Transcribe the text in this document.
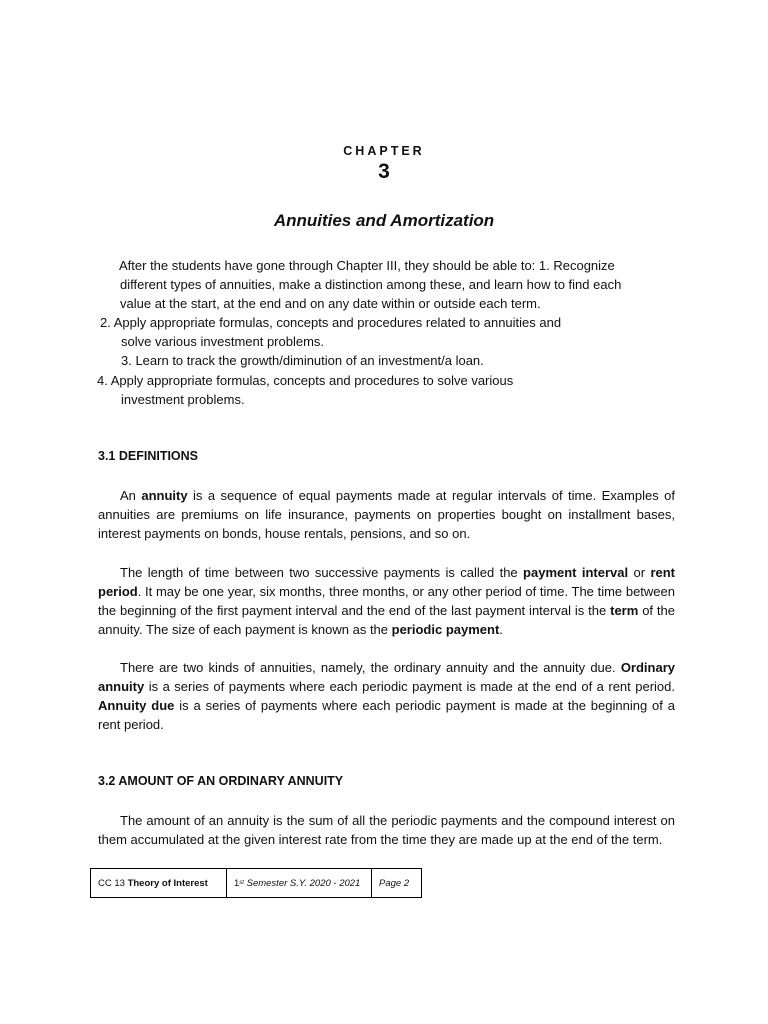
CHAPTER
3
Annuities and Amortization
After the students have gone through Chapter III, they should be able to: 1. Recognize
different types of annuities, make a distinction among these, and learn how to find each
value at the start, at the end and on any date within or outside each term.
2. Apply appropriate formulas, concepts and procedures related to annuities and
solve various investment problems.
3. Learn to track the growth/diminution of an investment/a loan.
4. Apply appropriate formulas, concepts and procedures to solve various
investment problems.
3.1 DEFINITIONS
An annuity is a sequence of equal payments made at regular intervals of time. Examples of annuities are premiums on life insurance, payments on properties bought on installment bases, interest payments on bonds, house rentals, pensions, and so on.
The length of time between two successive payments is called the payment interval or rent period. It may be one year, six months, three months, or any other period of time. The time between the beginning of the first payment interval and the end of the last payment interval is the term of the annuity. The size of each payment is known as the periodic payment.
There are two kinds of annuities, namely, the ordinary annuity and the annuity due. Ordinary annuity is a series of payments where each periodic payment is made at the end of a rent period. Annuity due is a series of payments where each periodic payment is made at the beginning of a rent period.
3.2 AMOUNT OF AN ORDINARY ANNUITY
The amount of an annuity is the sum of all the periodic payments and the compound interest on them accumulated at the given interest rate from the time they are made up at the end of the term.
CC 13
Theory of Interest	1 st
Semester S.Y. 2020 - 2021	Page 2
